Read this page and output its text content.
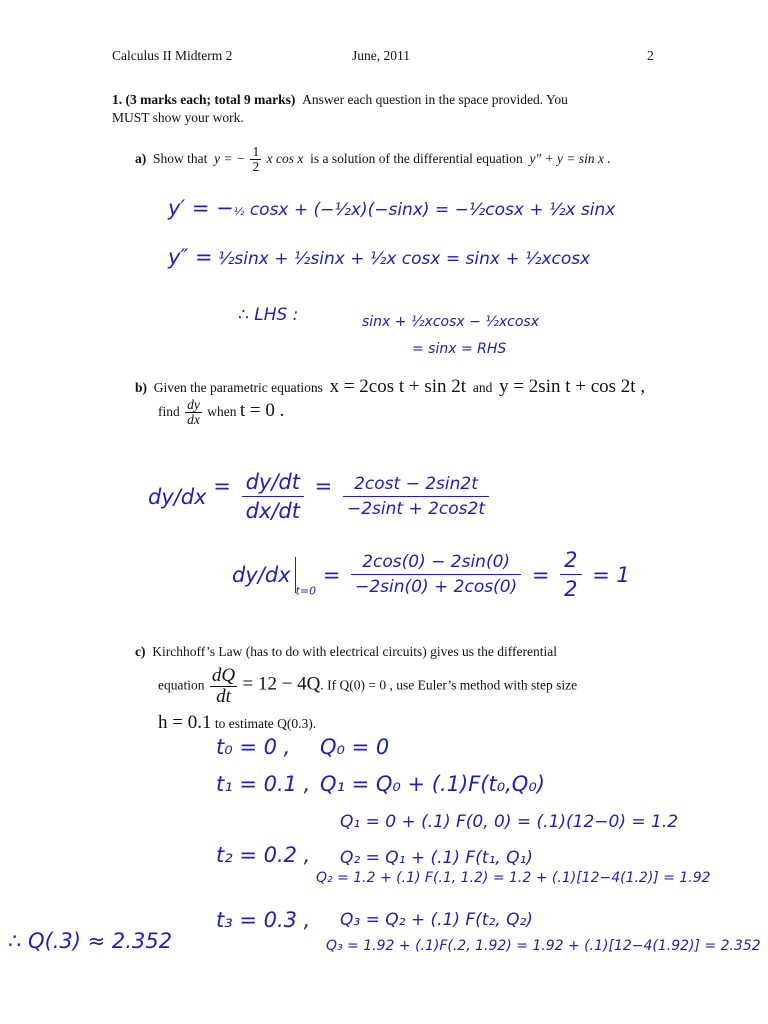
Calculus II Midterm 2	June, 2011	2
1. (3 marks each; total 9 marks) Answer each question in the space provided. You
MUST show your work.
a) Show that y = − $\frac{1}{2}$ x cos x is a solution of the differential equation y″ + y = sin x .
y′ = −½ cosx + (−½x)(−sinx) = −½cosx + ½x sinx
y″ = ½sinx + ½sinx + ½x cosx = sinx + ½xcosx
∴ LHS :	sinx + ½xcosx − ½xcosx
= sinx = RHS
b) Given the parametric equations x = 2cos t + sin 2t and y = 2sin t + cos 2t ,
find $\frac{dy}{dx}$ when t = 0 .
$dy/dx = \frac{dy/dt}{dx/dt} = \frac{2\cos t - 2\sin 2t}{-2\sin t + 2\cos 2t}$
$dy/dx_{t=0} = \frac{2\cos(0) - 2\sin(0)}{-2\sin(0) + 2\cos(0)} = \frac{2}{2} = 1$
c) Kirchhoff’s Law (has to do with electrical circuits) gives us the differential
equation $\frac{dQ}{dt} = 12 - 4Q$. If Q(0) = 0 , use Euler’s method with step size
h = 0.1 to estimate Q(0.3).
t₀ = 0 , Q₀ = 0
t₁ = 0.1 , Q₁ = Q₀ + (.1)F(t₀,Q₀)
Q₁ = 0 + (.1) F(0, 0) = (.1)(12−0) = 1.2
t₂ = 0.2 , Q₂ = Q₁ + (.1) F(t₁, Q₁)
Q₂ = 1.2 + (.1) F(.1, 1.2) = 1.2 + (.1)[12−4(1.2)] = 1.92
t₃ = 0.3 , Q₃ = Q₂ + (.1) F(t₂, Q₂)
Q₃ = 1.92 + (.1)F(.2, 1.92) = 1.92 + (.1)[12−4(1.92)] = 2.352
∴ Q(.3) ≈ 2.352
